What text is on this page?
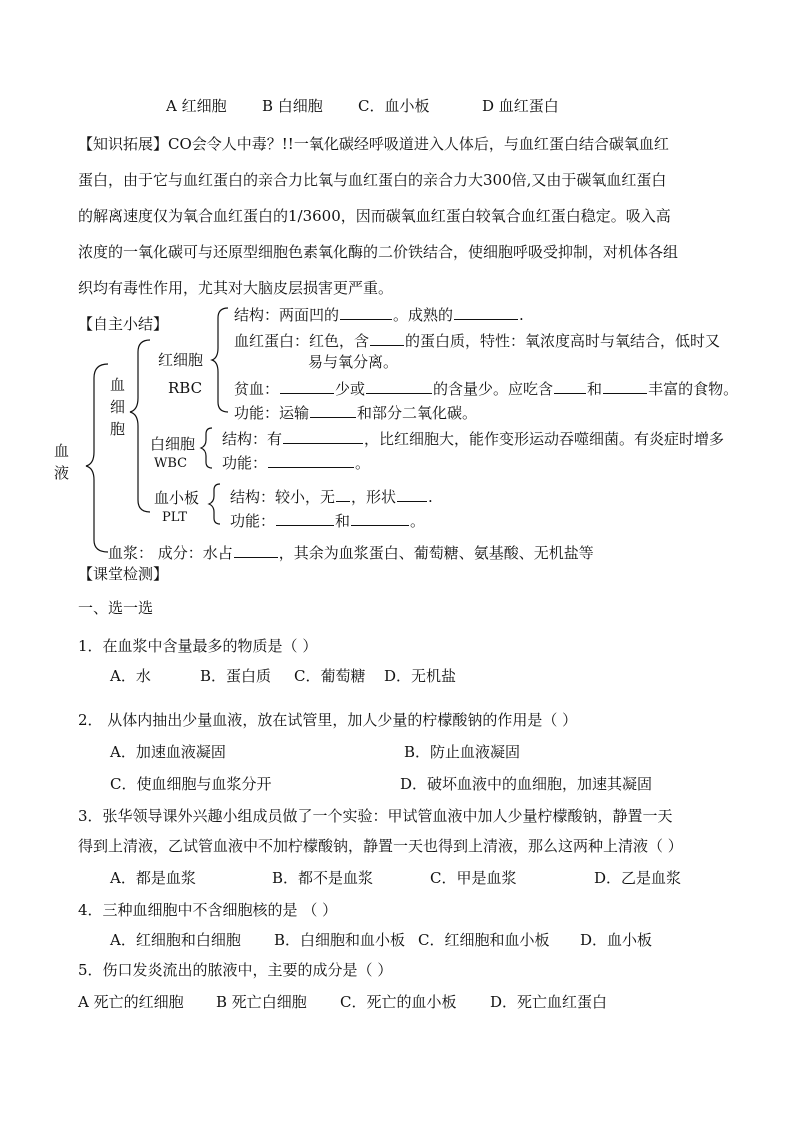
A 红细胞 B 白细胞 C．血小板	D 血红蛋白
【知识拓展】CO会令人中毒？!!一氧化碳经呼吸道进入人体后，与血红蛋白结合碳氧血红
蛋白，由于它与血红蛋白的亲合力比氧与血红蛋白的亲合力大300倍,又由于碳氧血红蛋白
的解离速度仅为氧合血红蛋白的1/3600，因而碳氧血红蛋白较氧合血红蛋白稳定。吸入高
浓度的一氧化碳可与还原型细胞色素氧化酶的二价铁结合，使细胞呼吸受抑制，对机体各组
织均有毒性作用，尤其对大脑皮层损害更严重。
【自主小结】
血液
血细胞
红细胞
RBC
结构：两面凹的	。成熟的	.
血红蛋白：红色，含 的蛋白质，特性：氧浓度高时与氧结合，低时又
易与氧分离。
贫血：	少或	的含量少。应吃含 和	丰富的食物。
功能：运输	和部分二氧化碳。
白细胞
WBC
结构：有	，比红细胞大，能作变形运动吞噬细菌。有炎症时增多
功能：	。
血小板
PLT
结构：较小，无 ，形状 .
功能：	和	。
血浆： 成分：水占	，其余为血浆蛋白、葡萄糖、氨基酸、无机盐等
【课堂检测】
一、选一选
1．在血浆中含量最多的物质是（ ）
A．水	B．蛋白质 C．葡萄糖 D．无机盐
2． 从体内抽出少量血液，放在试管里，加人少量的柠檬酸钠的作用是（ ）
A．加速血液凝固	B．防止血液凝固
C．使血细胞与血浆分开	D．破坏血液中的血细胞，加速其凝固
3．张华领导课外兴趣小组成员做了一个实验：甲试管血液中加人少量柠檬酸钠，静置一天
得到上清液，乙试管血液中不加柠檬酸钠，静置一天也得到上清液，那么这两种上清液（ ）
A．都是血浆	B．都不是血浆	C．甲是血浆	D．乙是血浆
4．三种血细胞中不含细胞核的是 （ ）
A．红细胞和白细胞 B．白细胞和血小板 C．红细胞和血小板 D．血小板
5．伤口发炎流出的脓液中，主要的成分是（ ）
A 死亡的红细胞 B 死亡白细胞 C．死亡的血小板 D．死亡血红蛋白
